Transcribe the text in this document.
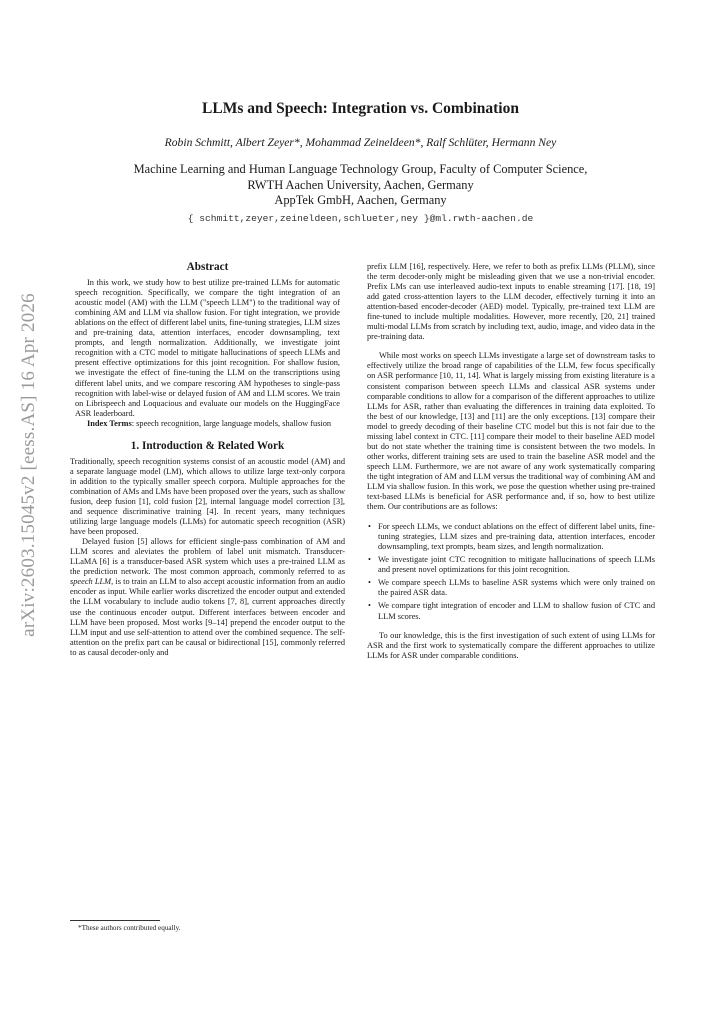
arXiv:2603.15045v2 [eess.AS] 16 Apr 2026
LLMs and Speech: Integration vs. Combination
Robin Schmitt, Albert Zeyer*, Mohammad Zeineldeen*, Ralf Schlüter, Hermann Ney
Machine Learning and Human Language Technology Group, Faculty of Computer Science,
RWTH Aachen University, Aachen, Germany
AppTek GmbH, Aachen, Germany
{ schmitt,zeyer,zeineldeen,schlueter,ney }@ml.rwth-aachen.de
Abstract

In this work, we study how to best utilize pre-trained LLMs for automatic speech recognition. Specifically, we compare the tight integration of an acoustic model (AM) with the LLM ("speech LLM") to the traditional way of combining AM and LLM via shallow fusion. For tight integration, we provide ablations on the effect of different label units, fine-tuning strategies, LLM sizes and pre-training data, attention interfaces, encoder downsampling, text prompts, and length normalization. Additionally, we investigate joint recognition with a CTC model to mitigate hallucinations of speech LLMs and present effective optimizations for this joint recognition. For shallow fusion, we investigate the effect of fine-tuning the LLM on the transcriptions using different label units, and we compare rescoring AM hypotheses to single-pass recognition with label-wise or delayed fusion of AM and LLM scores. We train on Librispeech and Loquacious and evaluate our models on the HuggingFace ASR leaderboard.

Index Terms: speech recognition, large language models, shallow fusion

1. Introduction & Related Work

Traditionally, speech recognition systems consist of an acoustic model (AM) and a separate language model (LM), which allows to utilize large text-only corpora in addition to the typically smaller speech corpora. Multiple approaches for the combination of AMs and LMs have been proposed over the years, such as shallow fusion, deep fusion [1], cold fusion [2], internal language model correction [3], and sequence discriminative training [4]. In recent years, many techniques utilizing large language models (LLMs) for automatic speech recognition (ASR) have been proposed.

Delayed fusion [5] allows for efficient single-pass combination of AM and LLM scores and aleviates the problem of label unit mismatch. Transducer-LLaMA [6] is a transducer-based ASR system which uses a pre-trained LLM as the prediction network. The most common approach, commonly referred to as speech LLM, is to train an LLM to also accept acoustic information from an audio encoder as input. While earlier works discretized the encoder output and extended the LLM vocabulary to include audio tokens [7, 8], current approaches directly use the continuous encoder output. Different interfaces between encoder and LLM have been proposed. Most works [9–14] prepend the encoder output to the LLM input and use self-attention to attend over the combined sequence. The self-attention on the prefix part can be causal or bidirectional [15], commonly referred to as causal decoder-only and

prefix LLM [16], respectively. Here, we refer to both as prefix LLMs (PLLM), since the term decoder-only might be misleading given that we use a non-trivial encoder. Prefix LMs can use interleaved audio-text inputs to enable streaming [17]. [18, 19] add gated cross-attention layers to the LLM decoder, effectively turning it into an attention-based encoder-decoder (AED) model. Typically, pre-trained text LLM are fine-tuned to include multiple modalities. However, more recently, [20, 21] trained multi-modal LLMs from scratch by including text, audio, image, and video data in the pre-training data.

While most works on speech LLMs investigate a large set of downstream tasks to effectively utilize the broad range of capabilities of the LLM, few focus specifically on ASR performance [10, 11, 14]. What is largely missing from existing literature is a consistent comparison between speech LLMs and classical ASR systems under comparable conditions to allow for a comparison of the different approaches to utilize LLMs for ASR, rather than evaluating the differences in training data exploited. To the best of our knowledge, [13] and [11] are the only exceptions. [13] compare their model to greedy decoding of their baseline CTC model but this is not fair due to the missing label context in CTC. [11] compare their model to their baseline AED model but do not state whether the training time is consistent between the two models. In other works, different training sets are used to train the baseline ASR model and the speech LLM. Furthermore, we are not aware of any work systematically comparing the tight integration of AM and LLM versus the traditional way of combining AM and LLM via shallow fusion. In this work, we pose the question whether using pre-trained text-based LLMs is beneficial for ASR performance and, if so, how to best utilize them. Our contributions are as follows:

• For speech LLMs, we conduct ablations on the effect of different label units, fine-tuning strategies, LLM sizes and pre-training data, attention interfaces, encoder downsampling, text prompts, beam sizes, and length normalization.
• We investigate joint CTC recognition to mitigate hallucinations of speech LLMs and present novel optimizations for this joint recognition.
• We compare speech LLMs to baseline ASR systems which were only trained on the paired ASR data.
• We compare tight integration of encoder and LLM to shallow fusion of CTC and LLM scores.

To our knowledge, this is the first investigation of such extent of using LLMs for ASR and the first work to systematically compare the different approaches to utilize LLMs for ASR under comparable conditions.

*These authors contributed equally.
